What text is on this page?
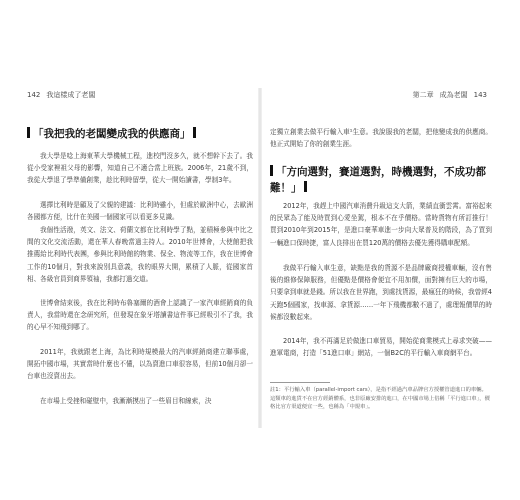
142 我這樣成了老闆
「我把我的老闆變成我的供應商」
我大學是唸上海東華大學機械工程，進校門沒多久，就不想幹下去了。我從小受家裡祖父母的影響，知道自己不適合當上班族。2006年，21歲不到，我從大學退了學準備創業，趁比利時留學，從大一開始讀書，學制3年。
選擇比利時是顧及了父親的建議：比利時雖小，但處於歐洲中心，去歐洲各國都方便，比什在美國一個國家可以看更多見識。
我個性活潑，英文、法文、荷蘭文都在比利時學了點，並積極參與中比之間的文化交流活動，還在華人春晚當過主持人。2010年世博會，大使館把我推薦給比利時代表團，參與比利時館的物業、保全、物流等工作，我在世博會工作的10個月，對我來說別具意義，我的眼界大開，累積了人脈，從國家首相、各級官員到商界領袖，我都打過交道。
世博會結束後，我在比利時布魯塞爾的酒會上認識了一家汽車經銷商的負責人，我當時還在念研究所，但發現在象牙塔讀書這件事已經吸引不了我，我的心早不知飛到哪了。
2011年，我就跟老上海，為比利時規模最大的汽車經銷商建立聯事處，開拓中國市場，其實當時什麼也不懂，以為賣進口車很容易，但前10個月卻一台車也沒賣出去。
在市場上受挫和碰壁中，我漸漸摸出了一些眉目和線索，決
第二章 成為老闆 143
定獨立創業去做平行輸入車¹生意。我說服我的老闆，把他變成我的供應商。他正式開始了你的創業生涯。
「方向選對，賽道選對，時機選對，不成功都難！」
2012年，我趕上中國汽車消費升級這支大箭，業績直衝雲霄。富裕起來的民眾為了能及時買到心愛坐駕，根本不在乎價格。當時貨物有所訂推行！買到2010年到2015年，是進口豪華車進一步向大眾普及的階段，為了買到一輛進口保時捷，富人良排出在買120萬的價格去優先獲得購車配額。
我做平行輸入車生意，缺點是我的貨源不是品牌廠商授權車輛，沒有售後的維修保障服務，但優點是價格會便宜不用加價，面對擁有巨大的市場，只要拿到車就是錢。所以我在世界跑，到處找貨源，最瘋狂的時候，我曾經4天跑5個國家，找車源、拿貨源……一年下飛機都數不過了，處理報價單的時候都沒數起來。
2014年，我不再滿足於做進口車貿易，開始從商業模式上尋求突破——進軍電商，打造「51進口車」網站，一個B2C的平行輸入車商網平台。
註1：平行輸入車（parallel-import cars），是指不經過汽車品牌官方授權管道進口的車輛。這類車的進貨不在官方經銷體系，也非原廠安排的進口，在中國市場上俗稱「平行進口車」，價格比官方渠道便宜一些，也稱為「中規車」。
